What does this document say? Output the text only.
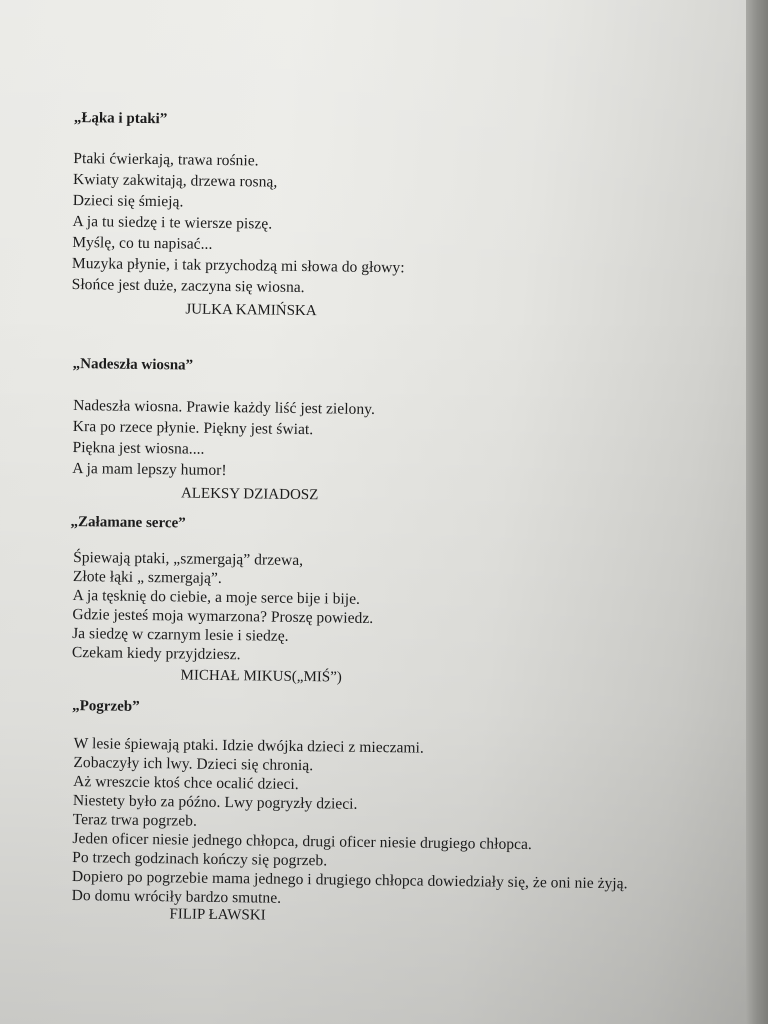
„Łąka i ptaki”
Ptaki ćwierkają, trawa rośnie.
Kwiaty zakwitają, drzewa rosną,
Dzieci się śmieją.
A ja tu siedzę i te wiersze piszę.
Myślę, co tu napisać...
Muzyka płynie, i tak przychodzą mi słowa do głowy:
Słońce jest duże, zaczyna się wiosna.
JULKA KAMIŃSKA
„Nadeszła wiosna”
Nadeszła wiosna. Prawie każdy liść jest zielony.
Kra po rzece płynie. Piękny jest świat.
Piękna jest wiosna....
A ja mam lepszy humor!
ALEKSY DZIADOSZ
„Załamane serce”
Śpiewają ptaki, „szmergają” drzewa,
Złote łąki „ szmergają”.
A ja tęsknię do ciebie, a moje serce bije i bije.
Gdzie jesteś moja wymarzona? Proszę powiedz.
Ja siedzę w czarnym lesie i siedzę.
Czekam kiedy przyjdziesz.
MICHAŁ MIKUS(„MIŚ”)
„Pogrzeb”
W lesie śpiewają ptaki. Idzie dwójka dzieci z mieczami.
Zobaczyły ich lwy. Dzieci się chronią.
Aż wreszcie ktoś chce ocalić dzieci.
Niestety było za późno. Lwy pogryzły dzieci.
Teraz trwa pogrzeb.
Jeden oficer niesie jednego chłopca, drugi oficer niesie drugiego chłopca.
Po trzech godzinach kończy się pogrzeb.
Dopiero po pogrzebie mama jednego i drugiego chłopca dowiedziały się, że oni nie żyją.
Do domu wróciły bardzo smutne.
FILIP ŁAWSKI
